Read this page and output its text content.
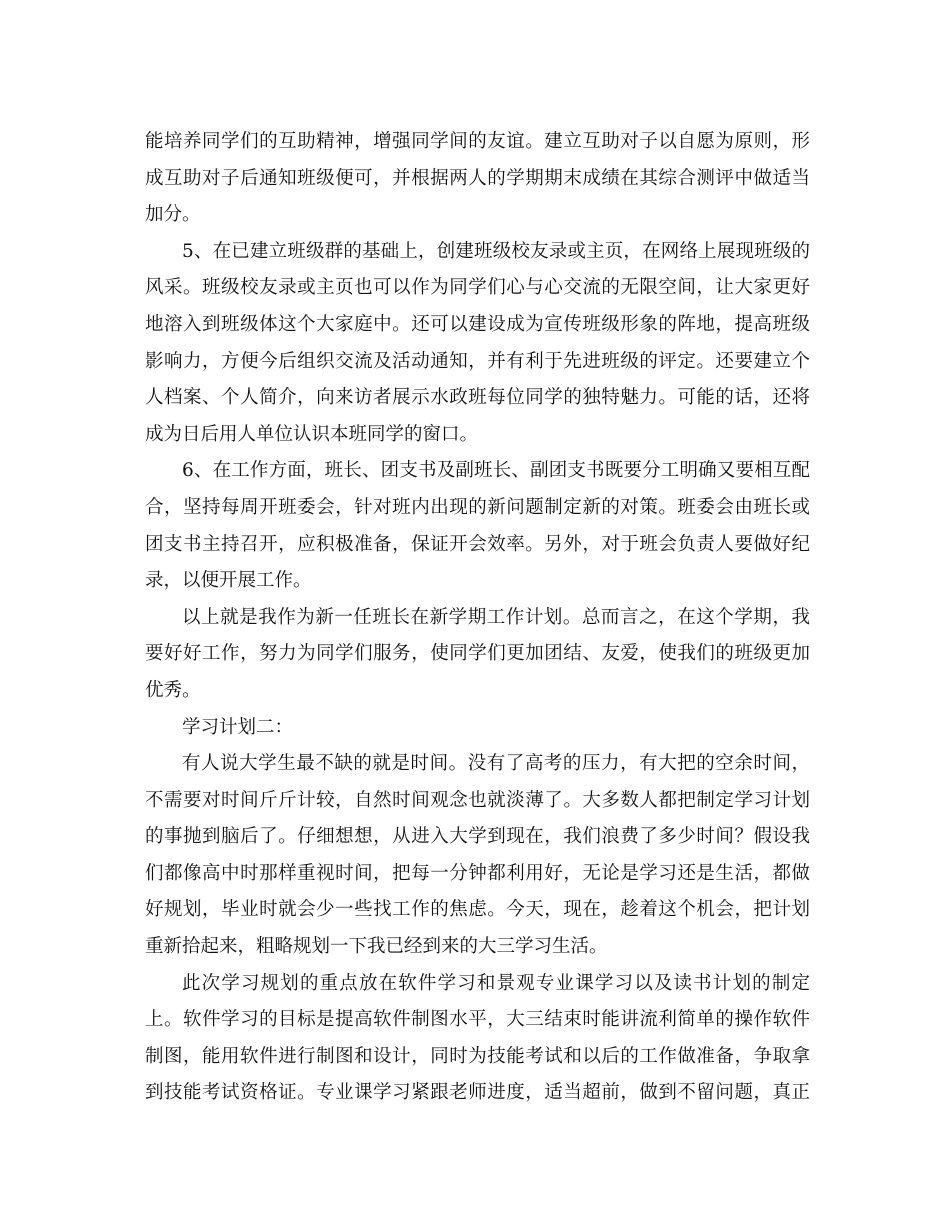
能培养同学们的互助精神，增强同学间的友谊。建立互助对子以自愿为原则，形
成互助对子后通知班级便可，并根据两人的学期期末成绩在其综合测评中做适当
加分。
5、在已建立班级群的基础上，创建班级校友录或主页，在网络上展现班级的
风采。班级校友录或主页也可以作为同学们心与心交流的无限空间，让大家更好
地溶入到班级体这个大家庭中。还可以建设成为宣传班级形象的阵地，提高班级
影响力，方便今后组织交流及活动通知，并有利于先进班级的评定。还要建立个
人档案、个人简介，向来访者展示水政班每位同学的独特魅力。可能的话，还将
成为日后用人单位认识本班同学的窗口。
6、在工作方面，班长、团支书及副班长、副团支书既要分工明确又要相互配
合，坚持每周开班委会，针对班内出现的新问题制定新的对策。班委会由班长或
团支书主持召开，应积极准备，保证开会效率。另外，对于班会负责人要做好纪
录，以便开展工作。
以上就是我作为新一任班长在新学期工作计划。总而言之，在这个学期，我
要好好工作，努力为同学们服务，使同学们更加团结、友爱，使我们的班级更加
优秀。
学习计划二：
有人说大学生最不缺的就是时间。没有了高考的压力，有大把的空余时间，
不需要对时间斤斤计较，自然时间观念也就淡薄了。大多数人都把制定学习计划
的事抛到脑后了。仔细想想，从进入大学到现在，我们浪费了多少时间？假设我
们都像高中时那样重视时间，把每一分钟都利用好，无论是学习还是生活，都做
好规划，毕业时就会少一些找工作的焦虑。今天，现在，趁着这个机会，把计划
重新拾起来，粗略规划一下我已经到来的大三学习生活。
此次学习规划的重点放在软件学习和景观专业课学习以及读书计划的制定
上。软件学习的目标是提高软件制图水平，大三结束时能讲流利简单的操作软件
制图，能用软件进行制图和设计，同时为技能考试和以后的工作做准备，争取拿
到技能考试资格证。专业课学习紧跟老师进度，适当超前，做到不留问题，真正
